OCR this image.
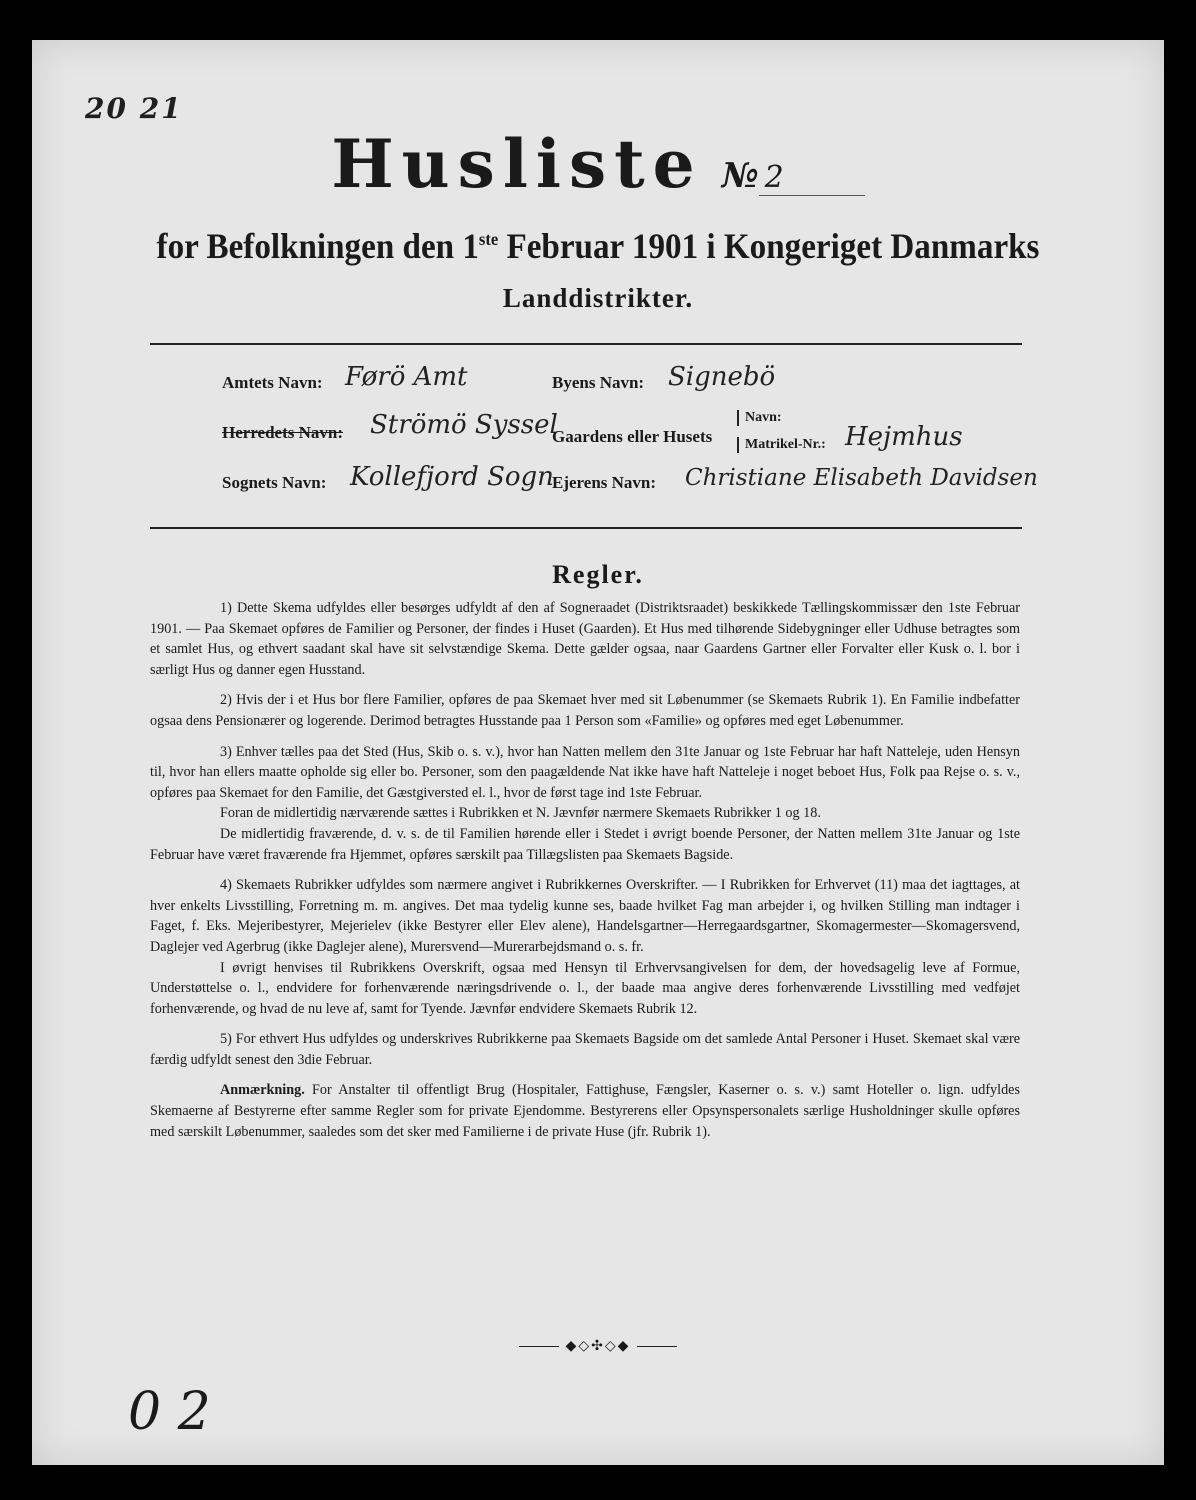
20 21
Husliste № 2
for Befolkningen den 1ste Februar 1901 i Kongeriget Danmarks
Landdistrikter.
Amtets Navn: Førö Amt	Byens Navn: Signebö
Herredets Navn: Strömö Syssel
Gaardens eller Husets
Navn:
Matrikel-Nr.: Hejmhus
Sognets Navn: Kollefjord Sogn
Ejerens Navn: Christiane Elisabeth Davidsen
Regler.

1) Dette Skema udfyldes eller besørges udfyldt af den af Sogneraadet (Distriktsraadet) beskikkede Tællingskommissær den 1ste Februar 1901. — Paa Skemaet opføres de Familier og Personer, der findes i Huset (Gaarden). Et Hus med tilhørende Sidebygninger eller Udhuse betragtes som et samlet Hus, og ethvert saadant skal have sit selvstændige Skema. Dette gælder ogsaa, naar Gaardens Gartner eller Forvalter eller Kusk o. l. bor i særligt Hus og danner egen Husstand.

2) Hvis der i et Hus bor flere Familier, opføres de paa Skemaet hver med sit Løbenummer (se Skemaets Rubrik 1). En Familie indbefatter ogsaa dens Pensionærer og logerende. Derimod betragtes Husstande paa 1 Person som «Familie» og opføres med eget Løbenummer.

3) Enhver tælles paa det Sted (Hus, Skib o. s. v.), hvor han Natten mellem den 31te Januar og 1ste Februar har haft Natteleje, uden Hensyn til, hvor han ellers maatte opholde sig eller bo. Personer, som den paagældende Nat ikke have haft Natteleje i noget beboet Hus, Folk paa Rejse o. s. v., opføres paa Skemaet for den Familie, det Gæstgiversted el. l., hvor de først tage ind 1ste Februar.

Foran de midlertidig nærværende sættes i Rubrikken et N. Jævnfør nærmere Skemaets Rubrikker 1 og 18.

De midlertidig fraværende, d. v. s. de til Familien hørende eller i Stedet i øvrigt boende Personer, der Natten mellem 31te Januar og 1ste Februar have været fraværende fra Hjemmet, opføres særskilt paa Tillægslisten paa Skemaets Bagside.

4) Skemaets Rubrikker udfyldes som nærmere angivet i Rubrikkernes Overskrifter. — I Rubrikken for Erhvervet (11) maa det iagttages, at hver enkelts Livsstilling, Forretning m. m. angives. Det maa tydelig kunne ses, baade hvilket Fag man arbejder i, og hvilken Stilling man indtager i Faget, f. Eks. Mejeribestyrer, Mejerielev (ikke Bestyrer eller Elev alene), Handelsgartner—Herregaardsgartner, Skomagermester—Skomagersvend, Daglejer ved Agerbrug (ikke Daglejer alene), Murersvend—Murerarbejdsmand o. s. fr.

I øvrigt henvises til Rubrikkens Overskrift, ogsaa med Hensyn til Erhvervsangivelsen for dem, der hovedsagelig leve af Formue, Understøttelse o. l., endvidere for forhenværende næringsdrivende o. l., der baade maa angive deres forhenværende Livsstilling med vedføjet forhenværende, og hvad de nu leve af, samt for Tyende. Jævnfør endvidere Skemaets Rubrik 12.

5) For ethvert Hus udfyldes og underskrives Rubrikkerne paa Skemaets Bagside om det samlede Antal Personer i Huset. Skemaet skal være færdig udfyldt senest den 3die Februar.

Anmærkning. For Anstalter til offentligt Brug (Hospitaler, Fattighuse, Fængsler, Kaserner o. s. v.) samt Hoteller o. lign. udfyldes Skemaerne af Bestyrerne efter samme Regler som for private Ejendomme. Bestyrerens eller Opsynspersonalets særlige Husholdninger skulle opføres med særskilt Løbenummer, saaledes som det sker med Familierne i de private Huse (jfr. Rubrik 1).

◆◇✣◇◆
0 2
